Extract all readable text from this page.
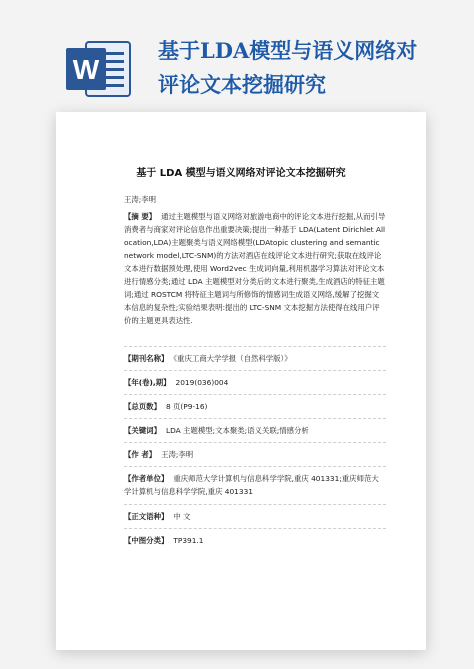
W
基于LDA模型与语义网络对
评论文本挖掘研究
基于 LDA 模型与语义网络对评论文本挖掘研究
王涛;李明
【摘 要】 通过主题模型与语义网络对旅游电商中的评论文本进行挖掘,从而引导消费者与商家对评论信息作出重要决策;提出一种基于 LDA(Latent Dirichlet Allocation,LDA)主题聚类与语义网络模型(LDAtopic clustering and semantic network model,LTC-SNM)的方法对酒店在线评论文本进行研究;获取在线评论文本进行数据预处理,使用 Word2vec 生成词向量,利用机器学习算法对评论文本进行情感分类;通过 LDA 主题模型对分类后的文本进行聚类,生成酒店的特征主题词;通过 ROSTCM 将特征主题词与所修饰的情感词生成语义网络,缓解了挖掘文本信息的复杂性;实验结果表明:提出的 LTC-SNM 文本挖掘方法使得在线用户评价的主题更具表达性.
【期刊名称】 《重庆工商大学学报（自然科学版）》
【年(卷),期】 2019(036)004
【总页数】 8 页(P9-16)
【关键词】 LDA 主题模型;文本聚类;语义关联;情感分析
【作 者】 王涛;李明
【作者单位】 重庆师范大学计算机与信息科学学院,重庆 401331;重庆师范大学计算机与信息科学学院,重庆 401331
【正文语种】 中 文
【中图分类】 TP391.1
